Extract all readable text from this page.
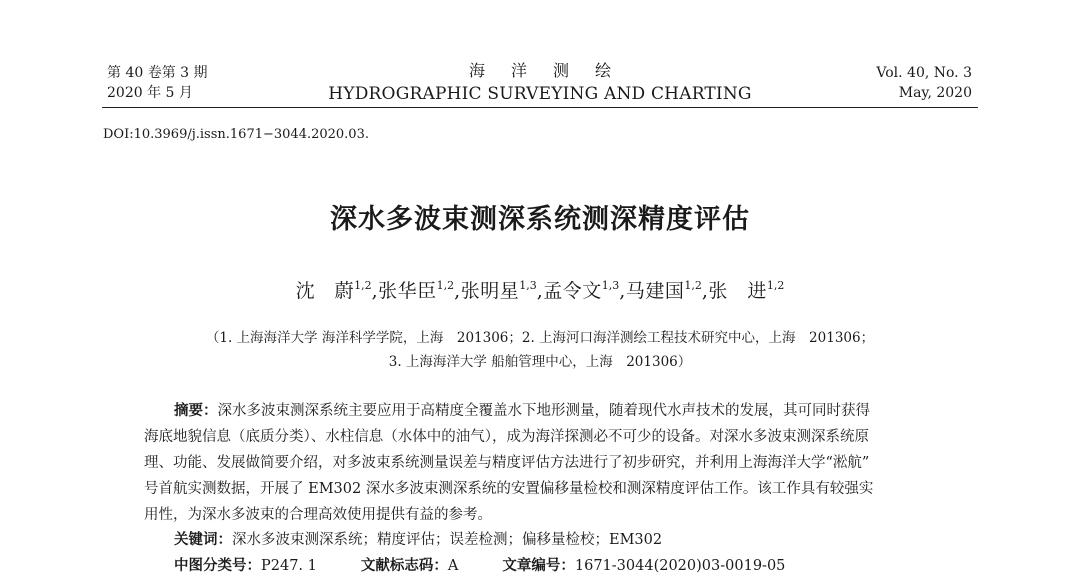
第 40 卷第 3 期
2020 年 5 月
海洋测绘
HYDROGRAPHIC SURVEYING AND CHARTING
Vol. 40, No. 3
May, 2020
DOI:10.3969/j.issn.1671−3044.2020.03.
深水多波束测深系统测深精度评估
沈　蔚$^{1,2}$,张华臣$^{1,2}$,张明星$^{1,3}$,孟令文$^{1,3}$,马建国$^{1,2}$,张　进$^{1,2}$
（1. 上海海洋大学 海洋科学学院，上海　201306；2. 上海河口海洋测绘工程技术研究中心，上海　201306；
3. 上海海洋大学 船舶管理中心，上海　201306）
摘要：深水多波束测深系统主要应用于高精度全覆盖水下地形测量，随着现代水声技术的发展，其可同时获得
海底地貌信息（底质分类）、水柱信息（水体中的油气），成为海洋探测必不可少的设备。对深水多波束测深系统原
理、功能、发展做简要介绍，对多波束系统测量误差与精度评估方法进行了初步研究，并利用上海海洋大学“淞航”
号首航实测数据，开展了 EM302 深水多波束测深系统的安置偏移量检校和测深精度评估工作。该工作具有较强实
用性，为深水多波束的合理高效使用提供有益的参考。
关键词：深水多波束测深系统；精度评估；误差检测；偏移量检校；EM302
中图分类号：P247. 1	文献标志码：A	文章编号：1671-3044(2020)03-0019-05
